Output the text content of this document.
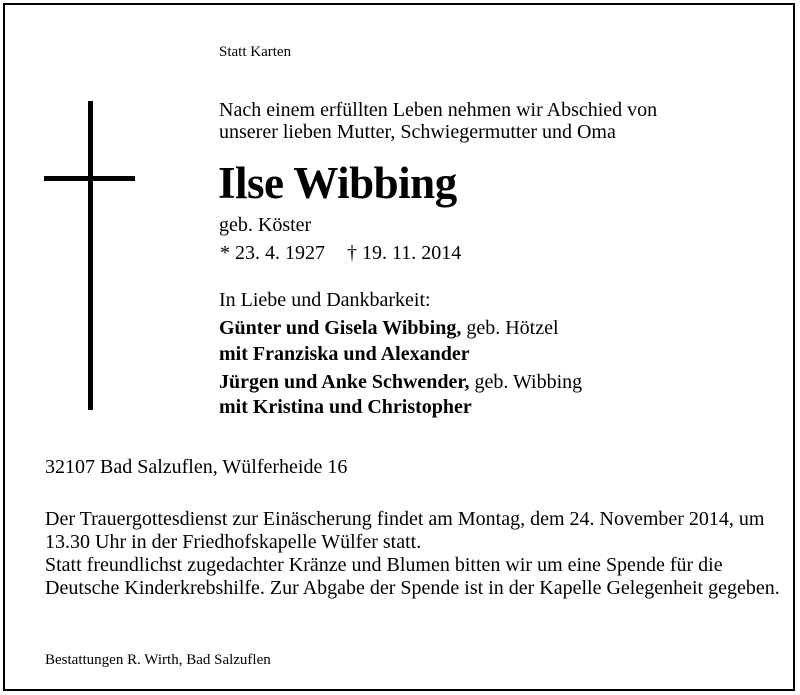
Statt Karten
Nach einem erfüllten Leben nehmen wir Abschied von
unserer lieben Mutter, Schwiegermutter und Oma
Ilse Wibbing
geb. Köster
* 23. 4. 1927 † 19. 11. 2014
In Liebe und Dankbarkeit:
Günter und Gisela Wibbing, geb. Hötzel
mit Franziska und Alexander
Jürgen und Anke Schwender, geb. Wibbing
mit Kristina und Christopher
32107 Bad Salzuflen, Wülferheide 16

Der Trauergottesdienst zur Einäscherung findet am Montag, dem 24. November 2014, um 13.30 Uhr in der Friedhofskapelle Wülfer statt.

Statt freundlichst zugedachter Kränze und Blumen bitten wir um eine Spende für die Deutsche Kinderkrebshilfe. Zur Abgabe der Spende ist in der Kapelle Gelegenheit gegeben.

Bestattungen R. Wirth, Bad Salzuflen
